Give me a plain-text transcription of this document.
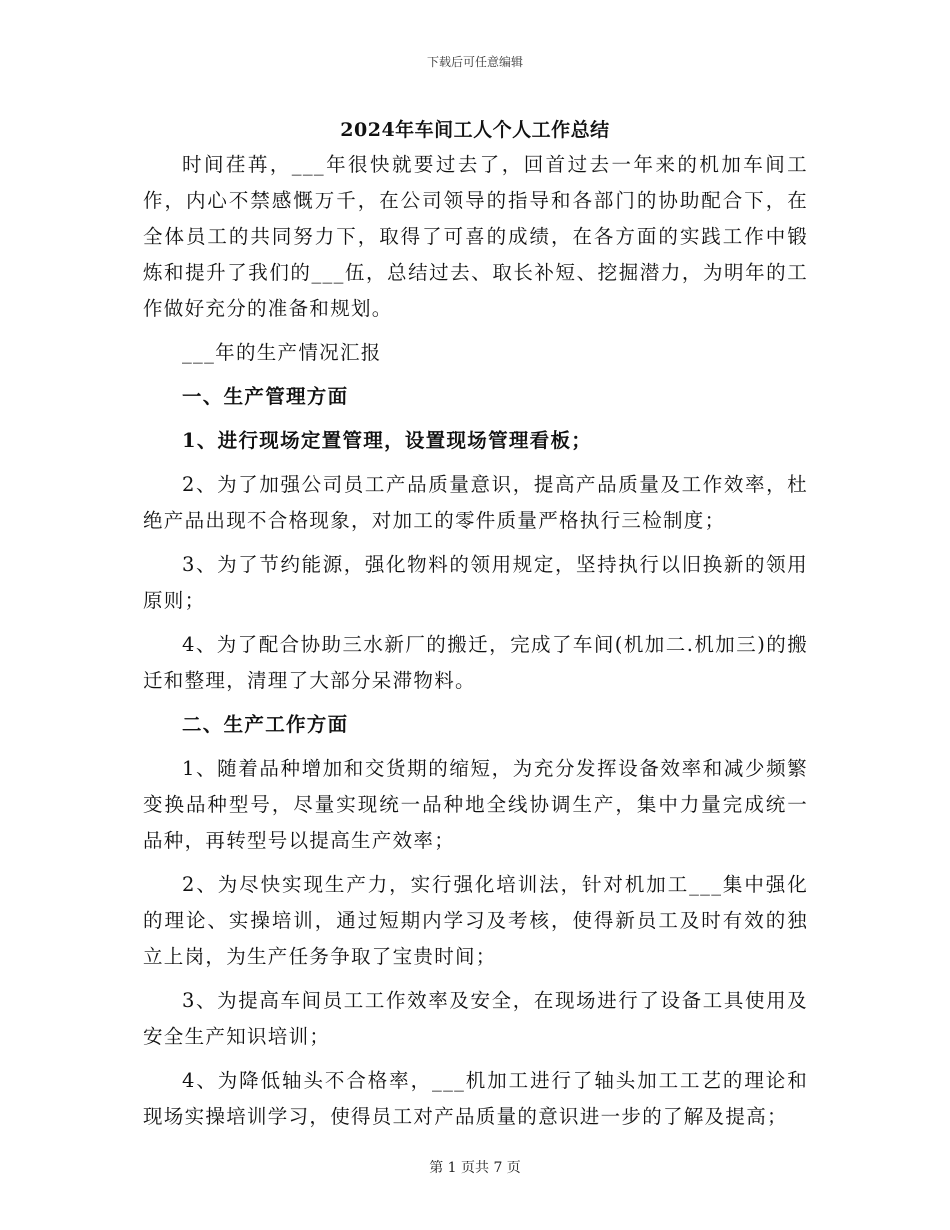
下载后可任意编辑
2024年车间工人个人工作总结

时间荏苒，___年很快就要过去了，回首过去一年来的机加车间工作，内心不禁感慨万千，在公司领导的指导和各部门的协助配合下，在全体员工的共同努力下，取得了可喜的成绩，在各方面的实践工作中锻炼和提升了我们的___伍，总结过去、取长补短、挖掘潜力，为明年的工作做好充分的准备和规划。

___年的生产情况汇报

一、生产管理方面

1、进行现场定置管理，设置现场管理看板；

2、为了加强公司员工产品质量意识，提高产品质量及工作效率，杜绝产品出现不合格现象，对加工的零件质量严格执行三检制度；

3、为了节约能源，强化物料的领用规定，坚持执行以旧换新的领用原则；

4、为了配合协助三水新厂的搬迁，完成了车间(机加二.机加三)的搬迁和整理，清理了大部分呆滞物料。

二、生产工作方面

1、随着品种增加和交货期的缩短，为充分发挥设备效率和减少频繁变换品种型号，尽量实现统一品种地全线协调生产，集中力量完成统一品种，再转型号以提高生产效率；

2、为尽快实现生产力，实行强化培训法，针对机加工___集中强化的理论、实操培训，通过短期内学习及考核，使得新员工及时有效的独立上岗，为生产任务争取了宝贵时间；

3、为提高车间员工工作效率及安全，在现场进行了设备工具使用及安全生产知识培训；

4、为降低轴头不合格率，___机加工进行了轴头加工工艺的理论和现场实操培训学习，使得员工对产品质量的意识进一步的了解及提高；

第 1 页共 7 页
